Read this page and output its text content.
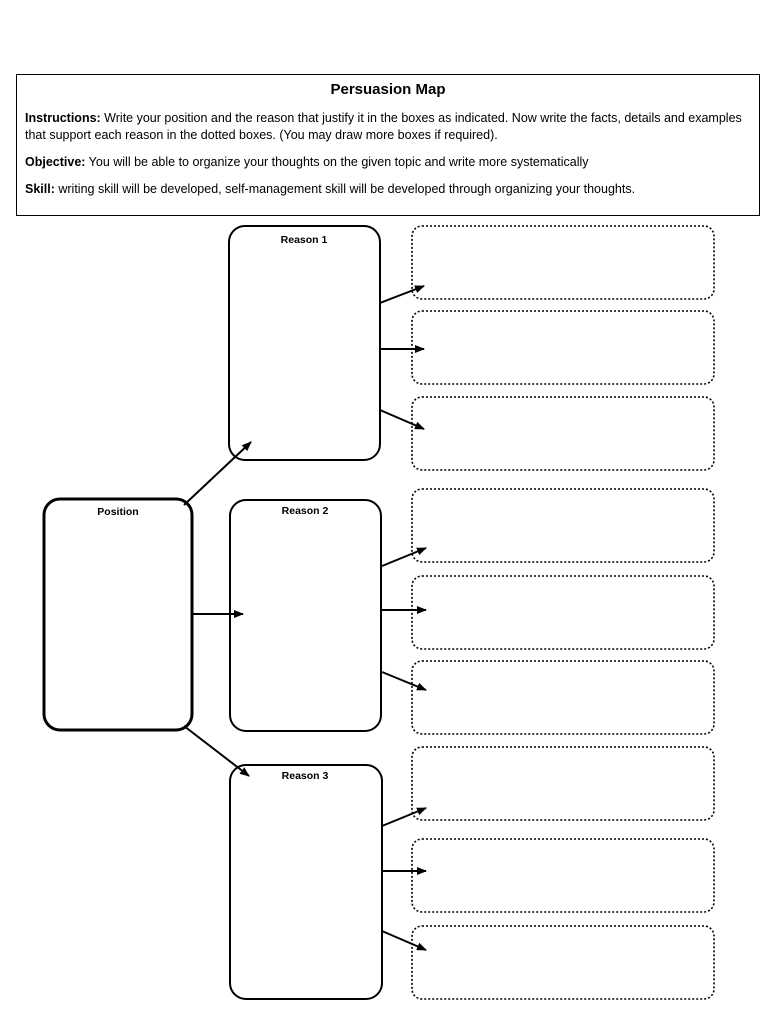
Persuasion Map

Instructions: Write your position and the reason that justify it in the boxes as indicated. Now write the facts, details and examples that support each reason in the dotted boxes. (You may draw more boxes if required).

Objective: You will be able to organize your thoughts on the given topic and write more systematically

Skill: writing skill will be developed, self-management skill will be developed through organizing your thoughts.

Position
Reason 1
Reason 2
Reason 3
